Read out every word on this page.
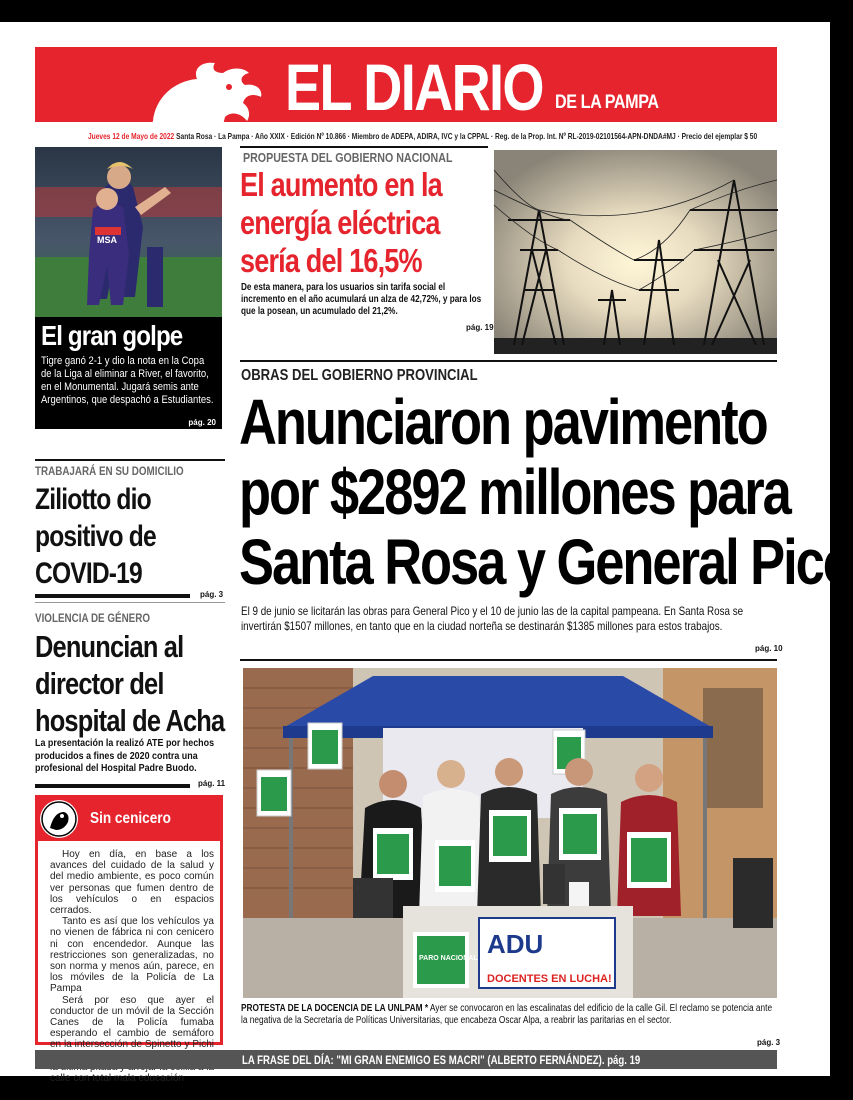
EL DIARIO DE LA PAMPA
Jueves 12 de Mayo de 2022 Santa Rosa · La Pampa · Año XXIX · Edición Nº 10.866 · Miembro de ADEPA, ADIRA, IVC y la CPPAL · Reg. de la Prop. Int. Nº RL-2019-02101564-APN-DNDA#MJ · Precio del ejemplar $ 50
MSA
El gran golpe
Tigre ganó 2-1 y dio la nota en la Copa de la Liga al eliminar a River, el favorito, en el Monumental. Jugará semis ante Argentinos, que despachó a Estudiantes.
pág. 20
TRABAJARÁ EN SU DOMICILIO
Ziliotto dio
positivo de
COVID-19
pág. 3
VIOLENCIA DE GÉNERO
Denuncian al
director del
hospital de Acha
La presentación la realizó ATE por hechos producidos a fines de 2020 contra una profesional del Hospital Padre Buodo.
pág. 11
Sin cenicero

Hoy en día, en base a los avances del cuidado de la salud y del medio ambiente, es poco común ver personas que fumen dentro de los vehículos o en espacios cerrados.

Tanto es así que los vehículos ya no vienen de fábrica ni con cenicero ni con encendedor. Aunque las restricciones son generalizadas, no son norma y menos aún, parece, en los móviles de la Policía de La Pampa

Será por eso que ayer el conductor de un móvil de la Sección Canes de la Policía fumaba esperando el cambio de semáforo en la intersección de Spinetto y Pichi calle con total mala educación

PROPUESTA DEL GOBIERNO NACIONAL
El aumento en la
energía eléctrica
sería del 16,5%
De esta manera, para los usuarios sin tarifa social el incremento en el año acumulará un alza de 42,72%, y para los que la posean, un acumulado del 21,2%.
pág. 19
OBRAS DEL GOBIERNO PROVINCIAL
Anunciaron pavimento
por $2892 millones para
Santa Rosa y General Pico
El 9 de junio se licitarán las obras para General Pico y el 10 de junio las de la capital pampeana. En Santa Rosa se invertirán $1507 millones, en tanto que en la ciudad norteña se destinarán $1385 millones para estos trabajos.
pág. 10
ADU
DOCENTES EN LUCHA!
PARO NACIONAL
PROTESTA DE LA DOCENCIA DE LA UNLPAM * Ayer se convocaron en las escalinatas del edificio de la calle Gil. El reclamo se potencia ante la negativa de la Secretaría de Políticas Universitarias, que encabeza Oscar Alpa, a reabrir las paritarias en el sector.
pág. 3
LA FRASE DEL DÍA: "MI GRAN ENEMIGO ES MACRI" (ALBERTO FERNÁNDEZ). pág. 19
